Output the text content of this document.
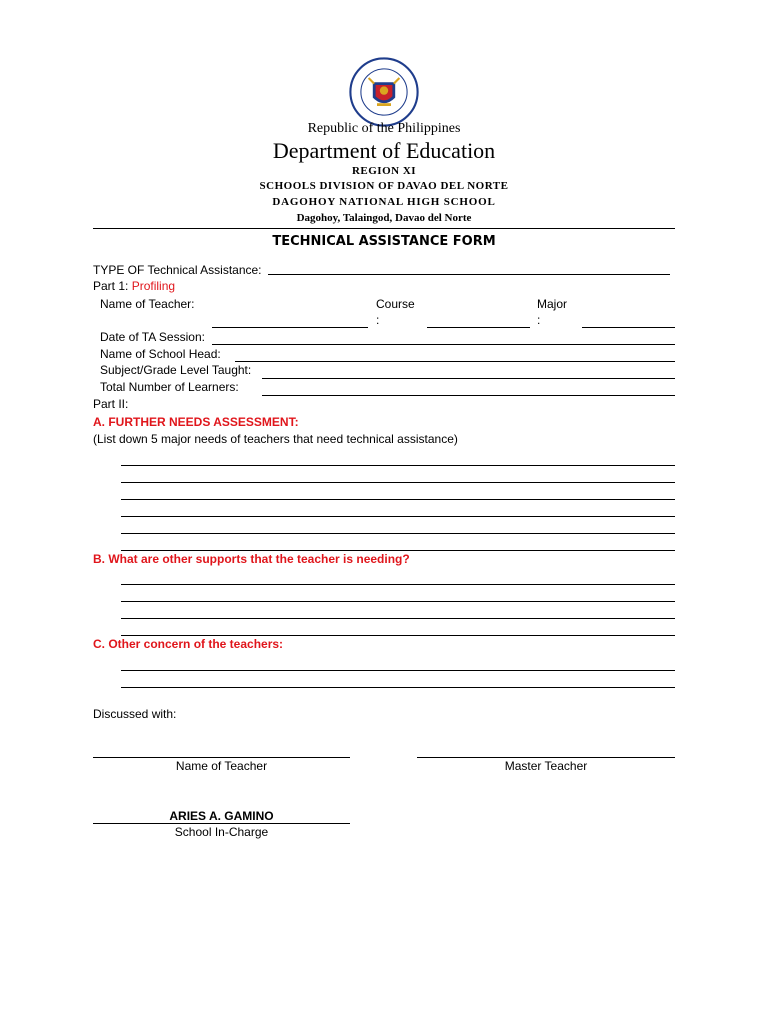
Republic of the Philippines
Department of Education
REGION XI
SCHOOLS DIVISION OF DAVAO DEL NORTE
DAGOHOY NATIONAL HIGH SCHOOL
Dagohoy, Talaingod, Davao del Norte
TECHNICAL ASSISTANCE FORM
TYPE OF Technical Assistance:
Part 1: Profiling
Name of Teacher:	Course	Major
:	:
Date of TA Session:
Name of School Head:
Subject/Grade Level Taught:
Total Number of Learners:
Part II:
A. FURTHER NEEDS ASSESSMENT:
(List down 5 major needs of teachers that need technical assistance)
B. What are other supports that the teacher is needing?
C. Other concern of the teachers:
Discussed with:
Name of Teacher	Master Teacher
ARIES A. GAMINO
School In-Charge
